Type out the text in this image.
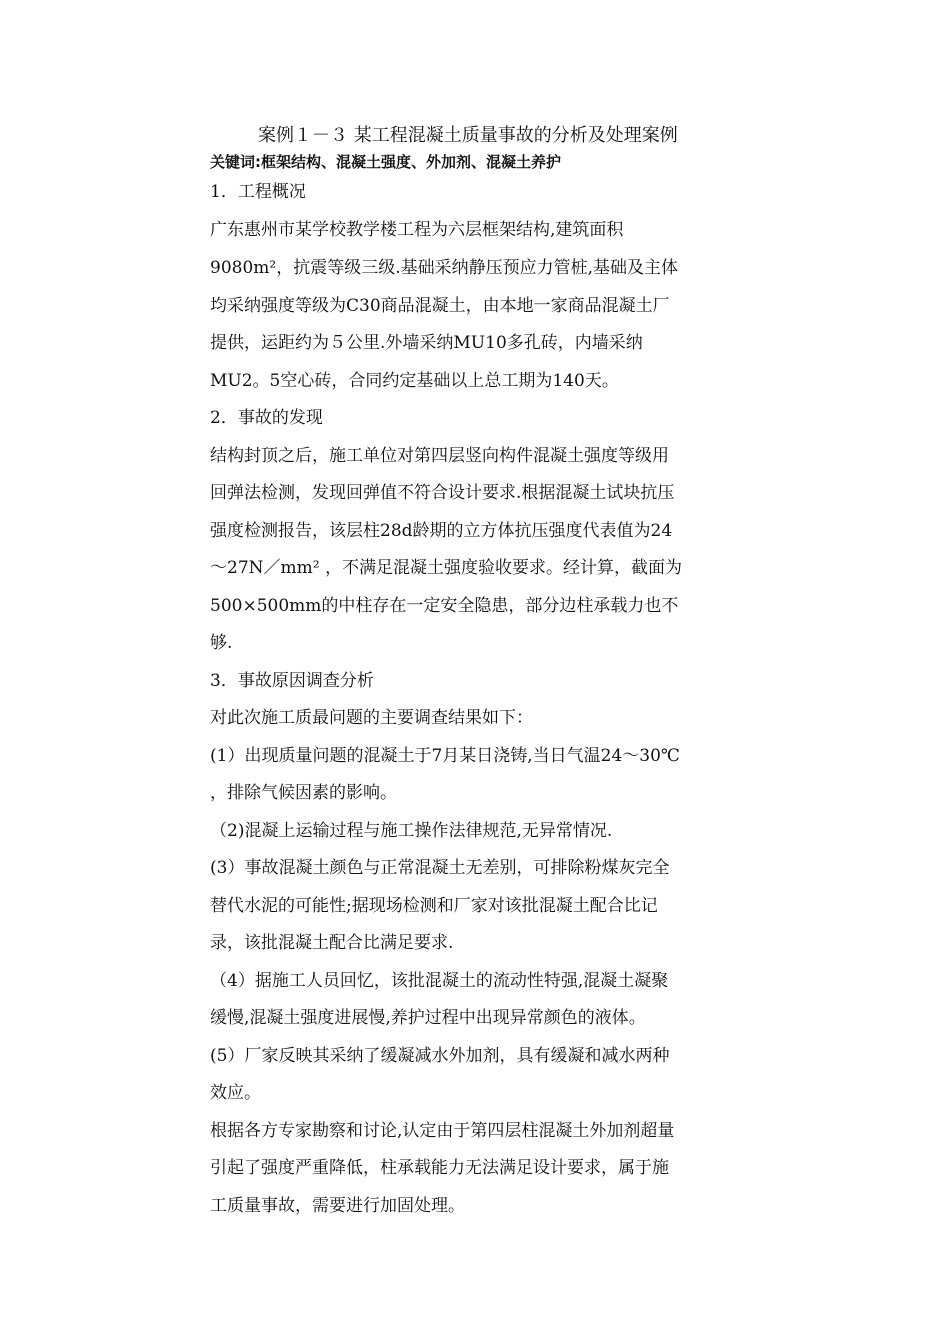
案例１－３ 某工程混凝土质量事故的分析及处理案例
关键词:框架结构、混凝土强度、外加剂、混凝土养护
1．工程概况
广东惠州市某学校教学楼工程为六层框架结构,建筑面积
9080m²，抗震等级三级.基础采纳静压预应力管桩,基础及主体
均采纳强度等级为C30商品混凝土，由本地一家商品混凝土厂
提供，运距约为５公里.外墙采纳MU10多孔砖，内墙采纳
MU2。5空心砖，合同约定基础以上总工期为140天。
2．事故的发现
结构封顶之后，施工单位对第四层竖向构件混凝土强度等级用
回弹法检测，发现回弹值不符合设计要求.根据混凝土试块抗压
强度检测报告，该层柱28d龄期的立方体抗压强度代表值为24
～27N／mm² ，不满足混凝土强度验收要求。经计算，截面为
500×500mm的中柱存在一定安全隐患，部分边柱承载力也不
够.
3．事故原因调查分析
对此次施工质最问题的主要调查结果如下：
(1）出现质量问题的混凝土于7月某日浇铸,当日气温24～30℃
，排除气候因素的影响。
（2)混凝上运输过程与施工操作法律规范,无异常情况.
(3）事故混凝土颜色与正常混凝土无差别，可排除粉煤灰完全
替代水泥的可能性;据现场检测和厂家对该批混凝土配合比记
录，该批混凝土配合比满足要求.
（4）据施工人员回忆，该批混凝土的流动性特强,混凝土凝聚
缓慢,混凝土强度进展慢,养护过程中出现异常颜色的液体。
(5）厂家反映其采纳了缓凝减水外加剂，具有缓凝和减水两种
效应。
根据各方专家勘察和讨论,认定由于第四层柱混凝土外加剂超量
引起了强度严重降低，柱承载能力无法满足设计要求，属于施
工质量事故，需要进行加固处理。
